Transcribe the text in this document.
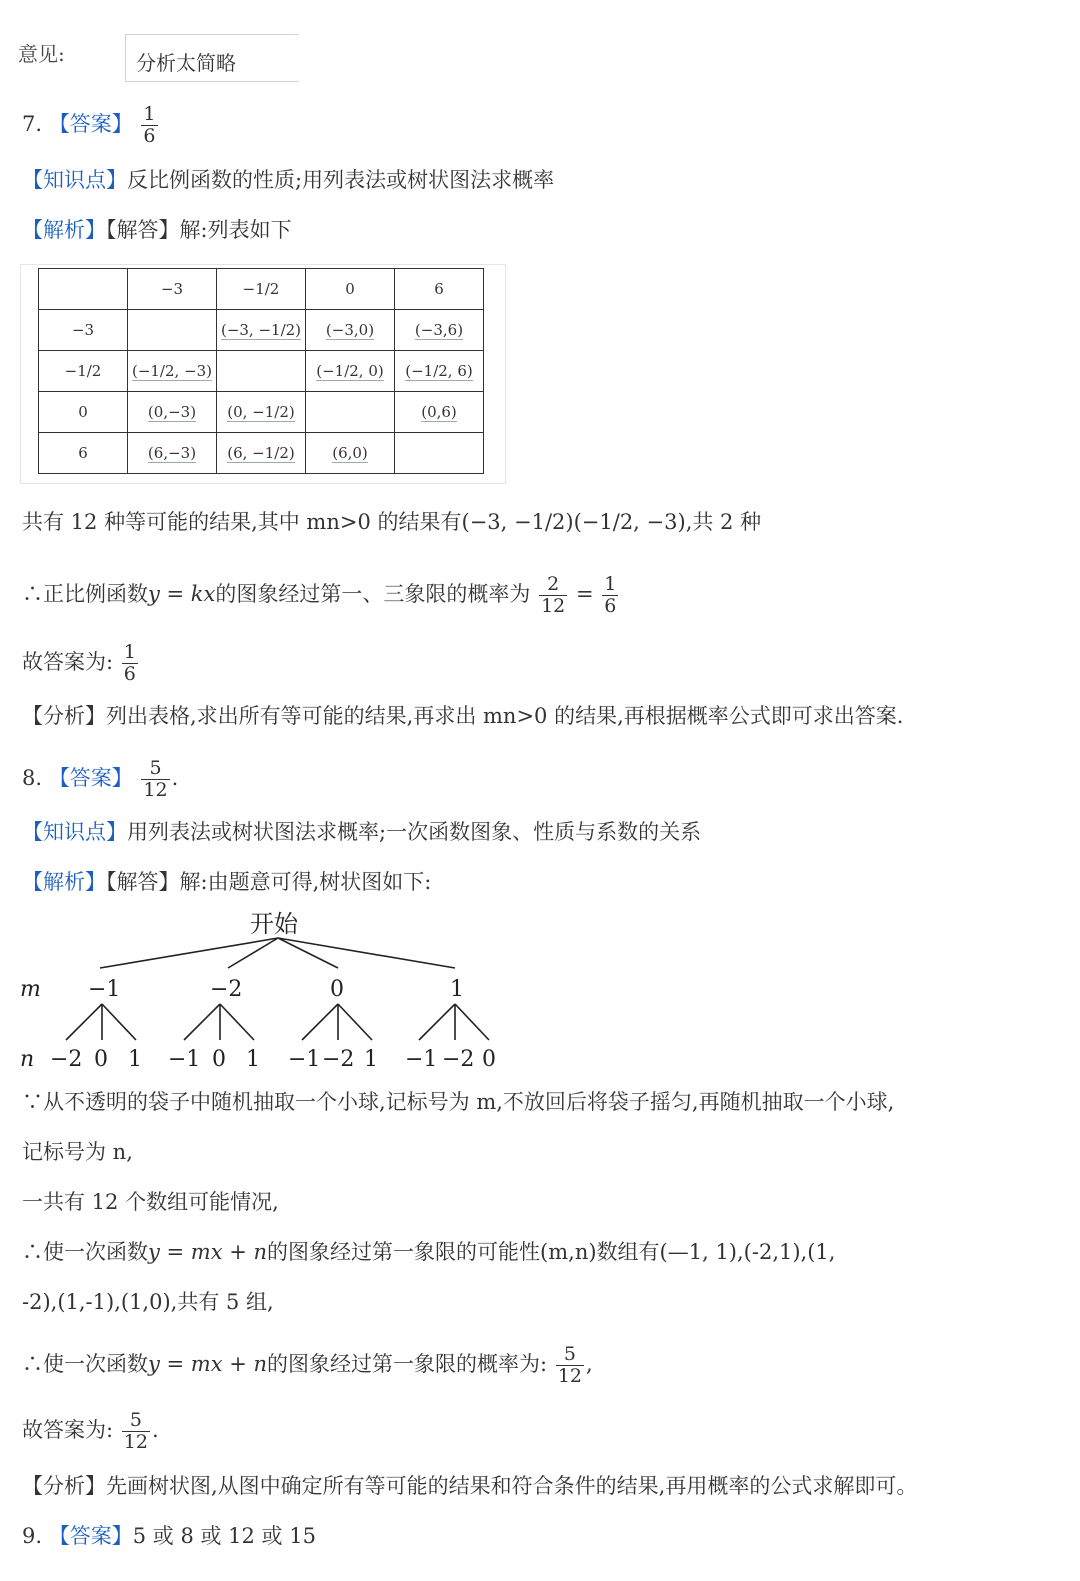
意见:	分析太简略
7. 【答案】 $\frac{1}{6}$
【知识点】反比例函数的性质;用列表法或树状图法求概率
【解析】【解答】解:列表如下
	−3	−1/2	0	6
−3		(−3, −1/2)	(−3,0)	(−3,6)
−1/2	(−1/2, −3)		(−1/2, 0)	(−1/2, 6)
0	(0,−3)	(0, −1/2)		(0,6)
6	(6,−3)	(6, −1/2)	(6,0)	
共有 12 种等可能的结果,其中 mn>0 的结果有(−3, −1/2)(−1/2, −3),共 2 种
∴正比例函数y = kx的图象经过第一、三象限的概率为 $\frac{2}{12} = \frac{1}{6}$
故答案为: $\frac{1}{6}$
【分析】列出表格,求出所有等可能的结果,再求出 mn>0 的结果,再根据概率公式即可求出答案.
8. 【答案】 $\frac{5}{12}$ .
【知识点】用列表法或树状图法求概率;一次函数图象、性质与系数的关系
【解析】【解答】解:由题意可得,树状图如下:
开始
m −1	−2	0	1
n −2 0 1 −1 0 1 −1 −2 1 −1 −2 0
∵从不透明的袋子中随机抽取一个小球,记标号为 m,不放回后将袋子摇匀,再随机抽取一个小球,
记标号为 n,
一共有 12 个数组可能情况,
∴使一次函数y = mx + n的图象经过第一象限的可能性(m,n)数组有(—1, 1),(-2,1),(1,
-2),(1,-1),(1,0),共有 5 组,
∴使一次函数y = mx + n的图象经过第一象限的概率为: $\frac{5}{12}$ ,
故答案为: $\frac{5}{12}$ .
【分析】先画树状图,从图中确定所有等可能的结果和符合条件的结果,再用概率的公式求解即可。
9. 【答案】5 或 8 或 12 或 15
